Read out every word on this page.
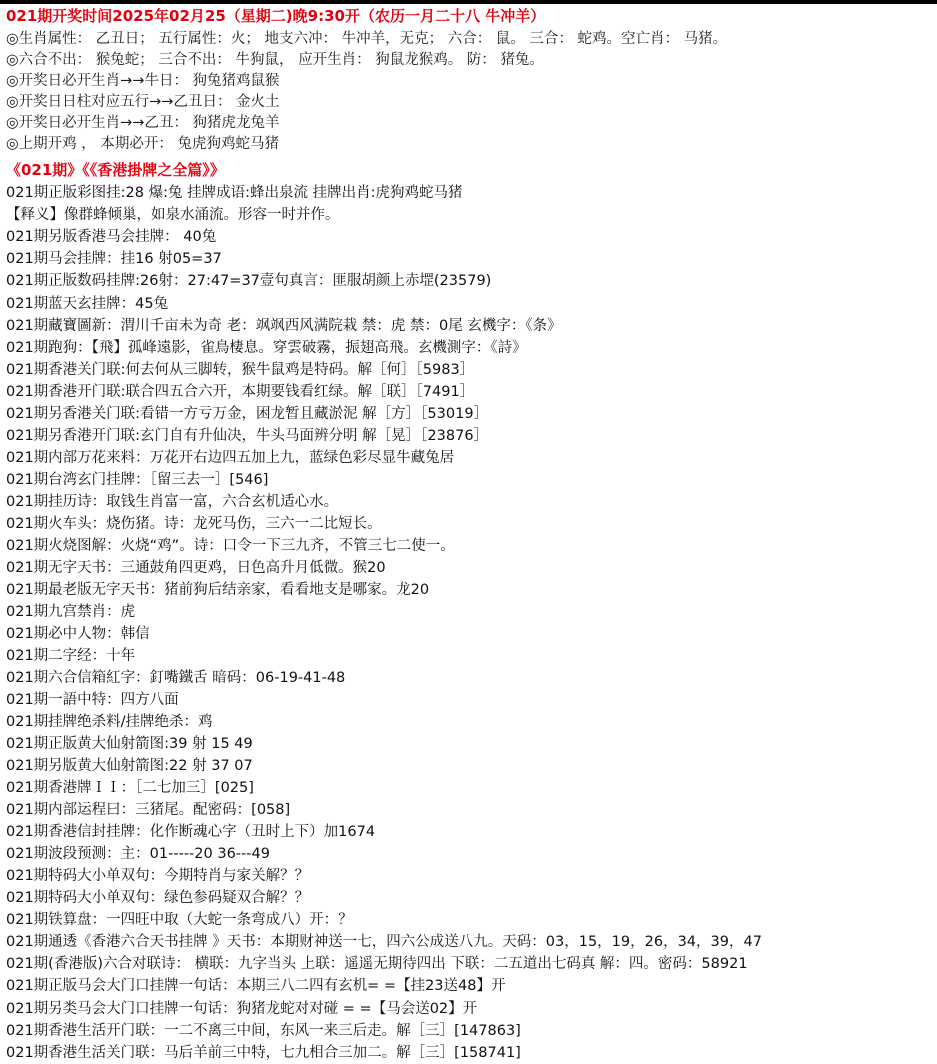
021期开奖时间2025年02月25（星期二)晚9:30开（农历一月二十八 牛冲羊）
◎生肖属性： 乙丑日； 五行属性：火； 地支六冲： 牛冲羊，无克； 六合： 鼠。 三合： 蛇鸡。空亡肖： 马猪。
◎六合不出： 猴兔蛇； 三合不出： 牛狗鼠， 应开生肖： 狗鼠龙猴鸡。 防： 猪兔。
◎开奖日必开生肖→→牛日： 狗兔猪鸡鼠猴
◎开奖日日柱对应五行→→乙丑日： 金火土
◎开奖日必开生肖→→乙丑： 狗猪虎龙兔羊
◎上期开鸡 ， 本期必开： 兔虎狗鸡蛇马猪
《021期》《《香港掛牌之全篇》》
021期正版彩图挂:28 爆:兔 挂牌成语:蜂出泉流 挂牌出肖:虎狗鸡蛇马猪
【释义】像群蜂倾巢，如泉水涌流。形容一时并作。
021期另版香港马会挂牌： 40兔
021期马会挂牌：挂16 射05=37
021期正版数码挂牌:26射：27:47=37壹句真言：匪服胡颜上赤堽(23579)
021期蓝天玄挂牌：45兔
021期藏寶圖新：渭川千亩未为奇 老：飒飒西风满院栽 禁：虎 禁：0尾 玄機字：《条》
021期跑狗：【飛】孤峰遠影，雀鳥棲息。穿雲破霧，振翅高飛。玄機測字：《詩》
021期香港关门联:何去何从三脚转，猴牛鼠鸡是特码。解［何］［5983］
021期香港开门联:联合四五合六开，本期要钱看红绿。解［联］［7491］
021期另香港关门联:看错一方亏万金，困龙暂且藏淤泥 解［方］［53019］
021期另香港开门联:玄门自有升仙决，牛头马面辨分明 解［晃］［23876］
021期内部万花来料：万花开右边四五加上九，蓝绿色彩尽显牛藏兔居
021期台湾玄门挂牌：［留三去一］[546]
021期挂历诗：取钱生肖富一富，六合玄机适心水。
021期火车头：烧伤猪。诗：龙死马伤，三六一二比短长。
021期火烧图解：火烧“鸡”。诗：口令一下三九齐，不管三七二使一。
021期无字天书：三通鼓角四更鸡，日色高升月低微。猴20
021期最老版无字天书：猪前狗后结亲家，看看地支是哪家。龙20
021期九宫禁肖：虎
021期必中人物：韩信
021期二字经：十年
021期六合信箱紅字：釘嘴鐵舌 暗码：06-19-41-48
021期一語中特：四方八面
021期挂牌绝杀料/挂牌绝杀：鸡
021期正版黄大仙射箭图:39 射 15 49
021期另版黄大仙射箭图:22 射 37 07
021期香港牌ＩＩ：［二七加三］[025]
021期内部运程曰：三猪尾。配密码：[058]
021期香港信封挂牌：化作断魂心字（丑时上下）加1674
021期波段预测：主：01-----20 36---49
021期特码大小单双句：今期特肖与家关解？？
021期特码大小单双句：绿色参码疑双合解？？
021期铁算盘：一四旺中取（大蛇一条弯成八）开：？
021期通透《香港六合天书挂牌 》天书：本期财神送一七，四六公成送八九。天码：03，15，19，26，34，39，47
021期(香港版)六合对联诗： 横联：九字当头 上联：遥遥无期待四出 下联：二五道出七码真 解：四。密码：58921
021期正版马会大门口挂牌一句话：本期三八二四有玄机= =【挂23送48】开
021期另类马会大门口挂牌一句话：狗猪龙蛇对对碰 = =【马会送02】开
021期香港生活开门联：一二不离三中间，东风一来三后走。解［三］[147863]
021期香港生活关门联：马后羊前三中特，七九相合三加二。解［三］[158741]
